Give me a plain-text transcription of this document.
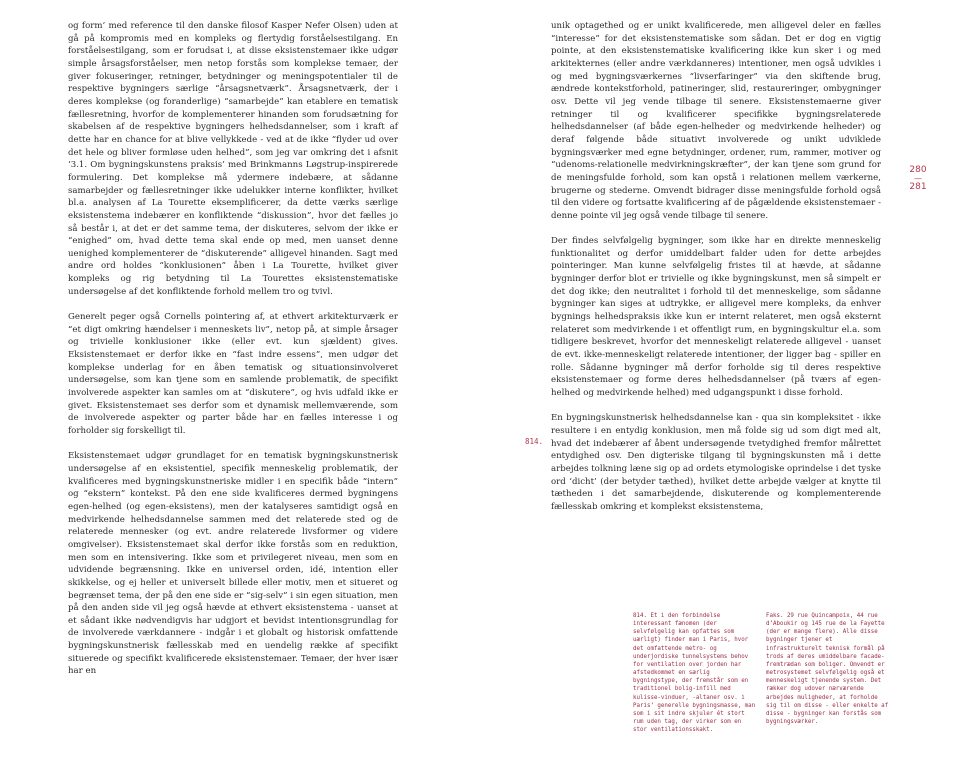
og form’ med reference til den danske filosof Kasper Nefer Olsen) uden at gå på kompromis med en kompleks og flertydig forståelsestilgang. En forståelsestilgang, som er forudsat i, at disse eksistenstemaer ikke udgør simple årsagsforståelser, men netop forstås som komplekse temaer, der giver fokuseringer, retninger, betydninger og meningspotentialer til de respektive bygningers særlige “årsagsnetværk”. Årsagsnetværk, der i deres komplekse (og foranderlige) “samarbejde” kan etablere en tematisk fællesretning, hvorfor de komplementerer hinanden som forudsætning for skabelsen af de respektive bygningers helhedsdannelser, som i kraft af dette har en chance for at blive vellykkede - ved at de ikke “flyder ud over det hele og bliver formløse uden helhed”, som jeg var omkring det i afsnit ‘3.1. Om bygningskunstens praksis’ med Brinkmanns Løgstrup-inspirerede formulering. Det komplekse må ydermere indebære, at sådanne samarbejder og fællesretninger ikke udelukker interne konflikter, hvilket bl.a. analysen af La Tourette eksemplificerer, da dette værks særlige eksistenstema indebærer en konfliktende “diskussion”, hvor det fælles jo så består i, at det er det samme tema, der diskuteres, selvom der ikke er “enighed” om, hvad dette tema skal ende op med, men uanset denne uenighed komplementerer de “diskuterende” alligevel hinanden. Sagt med andre ord holdes “konklusionen” åben i La Tourette, hvilket giver kompleks og rig betydning til La Tourettes eksistenstematiske undersøgelse af det konfliktende forhold mellem tro og tvivl.

Generelt peger også Cornells pointering af, at ethvert arkitekturværk er “et digt omkring hændelser i menneskets liv”, netop på, at simple årsager og trivielle konklusioner ikke (eller evt. kun sjældent) gives. Eksistenstemaet er derfor ikke en “fast indre essens”, men udgør det komplekse underlag for en åben tematisk og situationsinvolveret undersøgelse, som kan tjene som en samlende problematik, de specifikt involverede aspekter kan samles om at “diskutere”, og hvis udfald ikke er givet. Eksistenstemaet ses derfor som et dynamisk mellemværende, som de involverede aspekter og parter både har en fælles interesse i og forholder sig forskelligt til.

Eksistenstemaet udgør grundlaget for en tematisk bygningskunstnerisk undersøgelse af en eksistentiel, specifik menneskelig problematik, der kvalificeres med bygningskunstneriske midler i en specifik både “intern” og “ekstern” kontekst. På den ene side kvalificeres dermed bygningens egen-helhed (og egen-eksistens), men der katalyseres samtidigt også en medvirkende helhedsdannelse sammen med det relaterede sted og de relaterede mennesker (og evt. andre relaterede livsformer og videre omgivelser). Eksistenstemaet skal derfor ikke forstås som en reduktion, men som en intensivering. Ikke som et privilegeret niveau, men som en udvidende begrænsning. Ikke en universel orden, idé, intention eller skikkelse, og ej heller et universelt billede eller motiv, men et situeret og begrænset tema, der på den ene side er “sig-selv” i sin egen situation, men på den anden side vil jeg også hævde at ethvert eksistenstema - uanset at et sådant ikke nødvendigvis har udgjort et bevidst intentionsgrundlag for de involverede værkdannere - indgår i et globalt og historisk omfattende bygningskunstnerisk fællesskab med en uendelig række af specifikt situerede og specifikt kvalificerede eksistenstemaer. Temaer, der hver især har en

unik optagethed og er unikt kvalificerede, men alligevel deler en fælles “interesse” for det eksistenstematiske som sådan. Det er dog en vigtig pointe, at den eksistenstematiske kvalificering ikke kun sker i og med arkitekternes (eller andre værkdanneres) intentioner, men også udvikles i og med bygningsværkernes “livserfaringer” via den skiftende brug, ændrede kontekstforhold, patineringer, slid, restaureringer, ombygninger osv. Dette vil jeg vende tilbage til senere. Eksistenstemaerne giver retninger til og kvalificerer specifikke bygningsrelaterede helhedsdannelser (af både egen-helheder og medvirkende helheder) og deraf følgende både situativt involverede og unikt udviklede bygningsværker med egne betydninger, ordener, rum, rammer, motiver og “udenoms-relationelle medvirkningskræfter”, der kan tjene som grund for de meningsfulde forhold, som kan opstå i relationen mellem værkerne, brugerne og stederne. Omvendt bidrager disse meningsfulde forhold også til den videre og fortsatte kvalificering af de pågældende eksistenstemaer - denne pointe vil jeg også vende tilbage til senere.

Der findes selvfølgelig bygninger, som ikke har en direkte menneskelig funktionalitet og derfor umiddelbart falder uden for dette arbejdes pointeringer. Man kunne selvfølgelig fristes til at hævde, at sådanne bygninger derfor blot er trivielle og ikke bygningskunst, men så simpelt er det dog ikke; den neutralitet i forhold til det menneskelige, som sådanne bygninger kan siges at udtrykke, er alligevel mere kompleks, da enhver bygnings helhedspraksis ikke kun er internt relateret, men også eksternt relateret som medvirkende i et offentligt rum, en bygningskultur el.a. som tidligere beskrevet, hvorfor det menneskeligt relaterede alligevel - uanset de evt. ikke-menneskeligt relaterede intentioner, der ligger bag - spiller en rolle. Sådanne bygninger må derfor forholde sig til deres respektive eksistenstemaer og forme deres helhedsdannelser (på tværs af egen-helhed og medvirkende helhed) med udgangspunkt i disse forhold.

En bygningskunstnerisk helhedsdannelse kan - qua sin kompleksitet - ikke resultere i en entydig konklusion, men må folde sig ud som digt med alt, hvad det indebærer af åbent undersøgende tvetydighed fremfor målrettet entydighed osv. Den digteriske tilgang til bygningskunsten må i dette arbejdes tolkning læne sig op ad ordets etymologiske oprindelse i det tyske ord ‘dicht’ (der betyder tæthed), hvilket dette arbejde vælger at knytte til tætheden i det samarbejdende, diskuterende og komplementerende fællesskab omkring et komplekst eksistenstema,

814.
280
—
281
814. Et i den forbindelse interessant fænomen (der selvfølgelig kan opfattes som uærligt) finder man i Paris, hvor det omfattende metro- og underjordiske tunnelsystems behov for ventilation over jorden har afstedkommet en særlig bygningstype, der fremstår som en traditionel bolig-infill med kulisse-vinduer, -altaner osv. i Paris’ generelle bygningsmasse, man som i sit indre skjuler ét stort rum uden tag, der virker som en stor ventilationsskakt.
Faks. 29 rue Quincampoix, 44 rue d’Aboukir og 145 rue de la Fayette (der er mange flere). Alle disse bygninger tjener et infrastrukturelt teknisk formål på trods af deres umiddelbare facade-fremtrædan som boliger. Omvendt er metrosystemet selvfølgelig også et menneskeligt tjenende system. Det rækker dog udover nærværende arbejdes muligheder, at forholde sig til om disse - eller enkelte af disse - bygninger kan forstås som bygningsværker.
